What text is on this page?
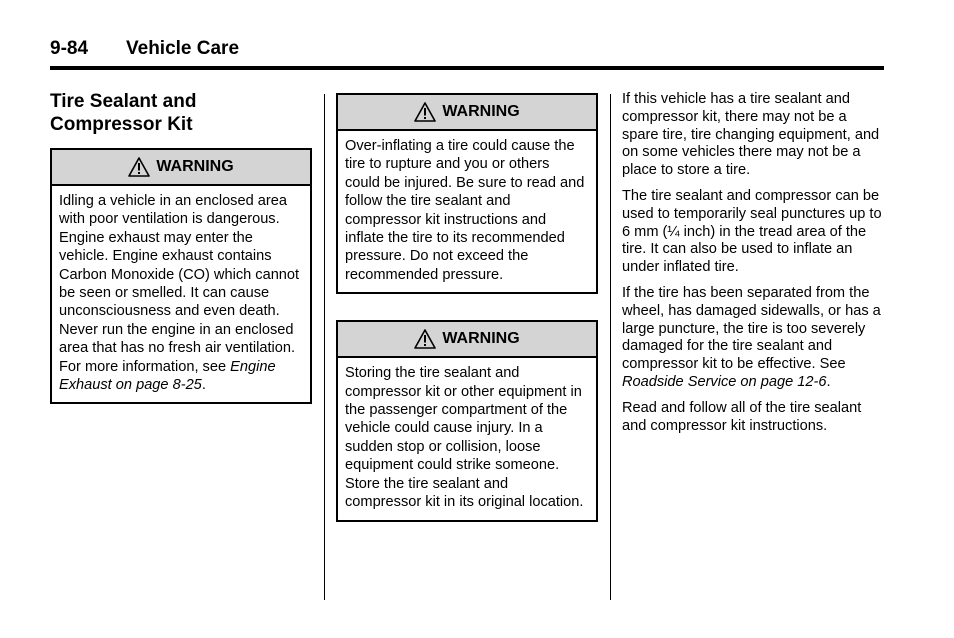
9-84 Vehicle Care
Tire Sealant and
Compressor Kit
WARNING
Idling a vehicle in an enclosed area with poor ventilation is dangerous. Engine exhaust may enter the vehicle. Engine exhaust contains Carbon Monoxide (CO) which cannot be seen or smelled. It can cause unconsciousness and even death. Never run the engine in an enclosed area that has no fresh air ventilation. For more information, see Engine Exhaust on page 8-25.
WARNING
Over-inflating a tire could cause the tire to rupture and you or others could be injured. Be sure to read and follow the tire sealant and compressor kit instructions and inflate the tire to its recommended pressure. Do not exceed the recommended pressure.
WARNING
Storing the tire sealant and compressor kit or other equipment in the passenger compartment of the vehicle could cause injury. In a sudden stop or collision, loose equipment could strike someone. Store the tire sealant and compressor kit in its original location.

If this vehicle has a tire sealant and compressor kit, there may not be a spare tire, tire changing equipment, and on some vehicles there may not be a place to store a tire.

The tire sealant and compressor can be used to temporarily seal punctures up to 6 mm (¼ inch) in the tread area of the tire. It can also be used to inflate an under inflated tire.

If the tire has been separated from the wheel, has damaged sidewalls, or has a large puncture, the tire is too severely damaged for the tire sealant and compressor kit to be effective. See Roadside Service on page 12-6.

Read and follow all of the tire sealant and compressor kit instructions.
